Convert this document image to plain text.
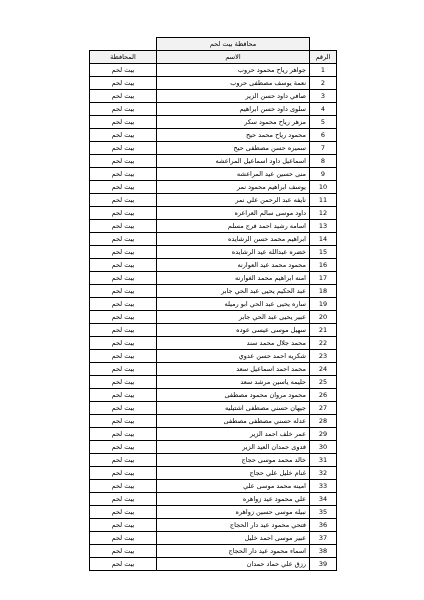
	محافظة بيت لحم	
الرقم	الاسم	المحافظة
1	جواهر رياح محمود حروب	بيت لحم
2	نعمة يوسف مصطفى حروب	بيت لحم
3	صافي داود حسن الزير	بيت لحم
4	سلوى داود حسن ابراهيم	بيت لحم
5	مزهر رياح محمود سكر	بيت لحم
6	محمود رياح محمد حيح	بيت لحم
7	سميره حسن مصطفى حيح	بيت لحم
8	اسماعيل داود اسماعيل المراعشه	بيت لحم
9	منى حسين عيد المراعشه	بيت لحم
10	يوسف ابراهيم محمود نمر	بيت لحم
11	نايفه عبد الرحمن علي نمر	بيت لحم
12	داود موسى سالم العراعره	بيت لحم
13	اسامه رشيد احمد فرج مسلم	بيت لحم
14	ابراهيم محمد حسن الرشايده	بيت لحم
15	خضره عبدالله عيد الرشايده	بيت لحم
16	محمود محمد عيد العوارنه	بيت لحم
17	امنه ابراهيم محمد الغوارنه	بيت لحم
18	عبد الحكيم يحيى عبد الحي جابر	بيت لحم
19	ساره يحيى عبد الحي ابو رميله	بيت لحم
20	عبير يحيى عبد الحي جابر	بيت لحم
21	سهيل موسى عيسى عوده	بيت لحم
22	محمد جلال محمد سند	بيت لحم
23	شكريه احمد حسن عدوي	بيت لحم
24	محمد احمد اسماعيل سعد	بيت لحم
25	حليمه ياسين مرشد سعد	بيت لحم
26	محمود مروان محمود مصطفى	بيت لحم
27	جيهان حسني مصطفى اشتيليه	بيت لحم
28	عدله حسني مصطفى مصطفى	بيت لحم
29	عمر خلف احمد الزير	بيت لحم
30	فدوى حمدان العيد الزير	بيت لحم
31	خالد محمد موسى حجاج	بيت لحم
32	غنام خليل علي حجاج	بيت لحم
33	امينه محمد موسى علي	بيت لحم
34	علي محمود عيد زواهره	بيت لحم
35	نبيله موسى حسين زواهره	بيت لحم
36	فتحي محمود عيد دار الحجاج	بيت لحم
37	عبير موسى احمد خليل	بيت لحم
38	اسماء محمود عيد دار الحجاج	بيت لحم
39	رزق علي حماد حمدان	بيت لحم
